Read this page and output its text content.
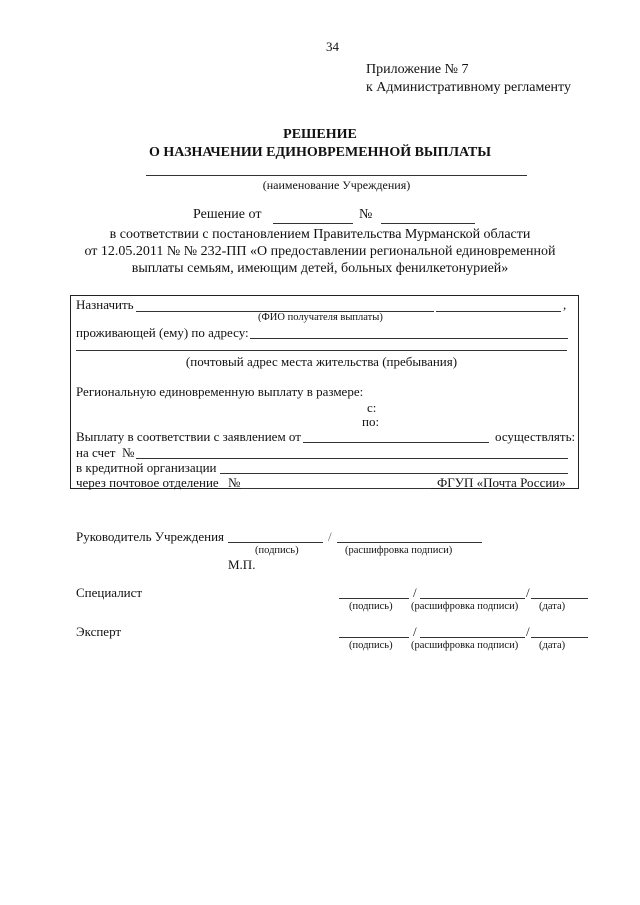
34
Приложение № 7
к Административному регламенту
РЕШЕНИЕ
О НАЗНАЧЕНИИ ЕДИНОВРЕМЕННОЙ ВЫПЛАТЫ
(наименование Учреждения)
Решение от	№
в соответствии с постановлением Правительства Мурманской области
от 12.05.2011 № № 232-ПП «О предоставлении региональной единовременной
выплаты семьям, имеющим детей, больных фенилкетонурией»
Назначить	,
(ФИО получателя выплаты)
проживающей (ему) по адресу:
(почтовый адрес места жительства (пребывания)
Региональную единовременную выплату в размере:
с:
по:
Выплату в соответствии с заявлением от	осуществлять:
на счет №
в кредитной организации
через почтовое отделение №	ФГУП «Почта России»
Руководитель Учреждения	/
(подпись)	(расшифровка подписи)
М.П.
Специалист	/	/
(подпись) (расшифровка подписи) (дата)
Эксперт	/	/
(подпись) (расшифровка подписи) (дата)
